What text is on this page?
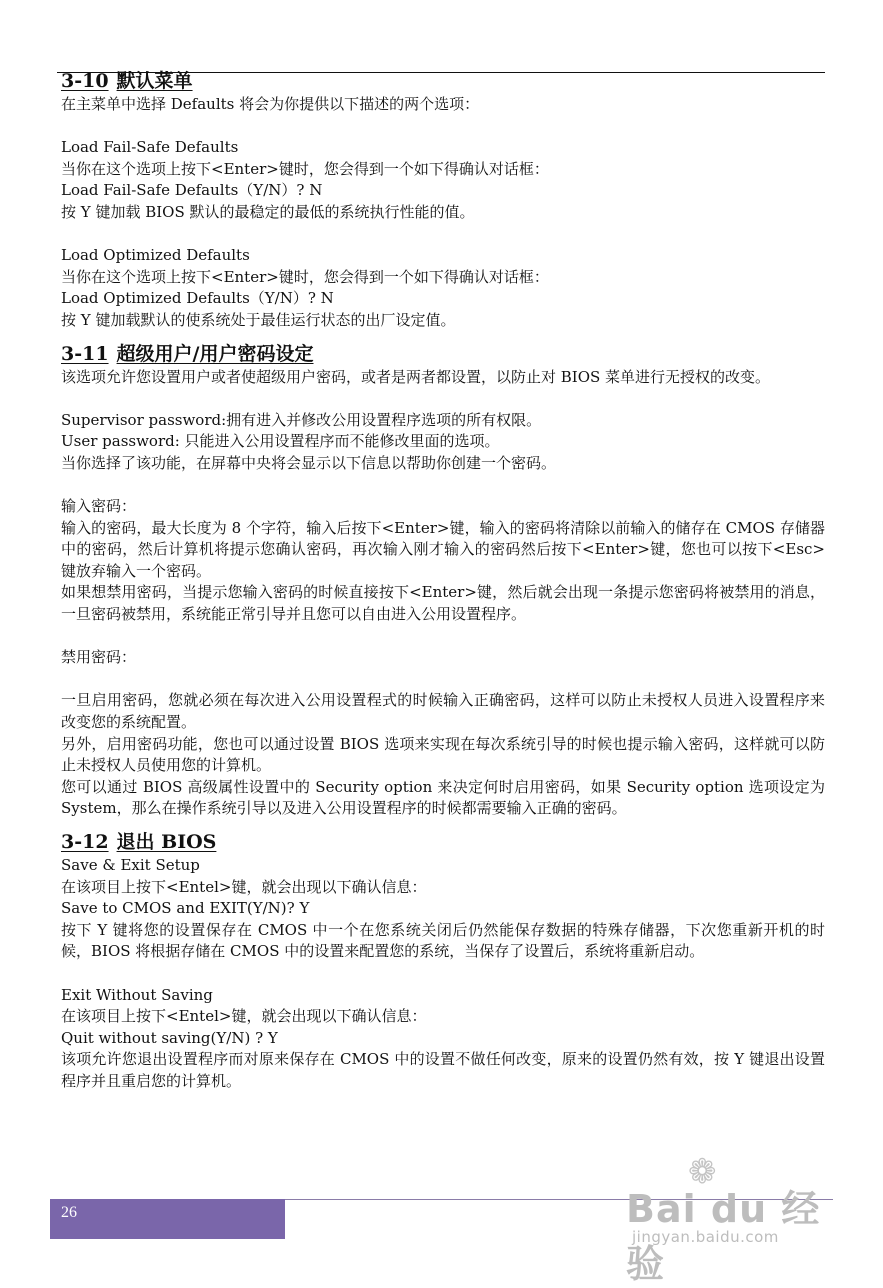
3-10 默认菜单

在主菜单中选择 Defaults 将会为你提供以下描述的两个选项：

Load Fail-Safe Defaults

当你在这个选项上按下<Enter>键时，您会得到一个如下得确认对话框：

Load Fail-Safe Defaults（Y/N）? N

按 Y 键加载 BIOS 默认的最稳定的最低的系统执行性能的值。

Load Optimized Defaults

当你在这个选项上按下<Enter>键时，您会得到一个如下得确认对话框：

Load Optimized Defaults（Y/N）? N

按 Y 键加载默认的使系统处于最佳运行状态的出厂设定值。

3-11 超级用户/用户密码设定

该选项允许您设置用户或者使超级用户密码，或者是两者都设置，以防止对 BIOS 菜单进行无授权的改变。

Supervisor password:拥有进入并修改公用设置程序选项的所有权限。

User password: 只能进入公用设置程序而不能修改里面的选项。

当你选择了该功能，在屏幕中央将会显示以下信息以帮助你创建一个密码。

输入密码：

输入的密码，最大长度为 8 个字符，输入后按下<Enter>键，输入的密码将清除以前输入的储存在 CMOS 存储器中的密码，然后计算机将提示您确认密码，再次输入刚才输入的密码然后按下<Enter>键，您也可以按下<Esc>键放弃输入一个密码。

如果想禁用密码，当提示您输入密码的时候直接按下<Enter>键，然后就会出现一条提示您密码将被禁用的消息，一旦密码被禁用，系统能正常引导并且您可以自由进入公用设置程序。

禁用密码：

一旦启用密码，您就必须在每次进入公用设置程式的时候输入正确密码，这样可以防止未授权人员进入设置程序来改变您的系统配置。

另外，启用密码功能，您也可以通过设置 BIOS 选项来实现在每次系统引导的时候也提示输入密码，这样就可以防止未授权人员使用您的计算机。

您可以通过 BIOS 高级属性设置中的 Security option 来决定何时启用密码，如果 Security option 选项设定为 System，那么在操作系统引导以及进入公用设置程序的时候都需要输入正确的密码。

3-12 退出 BIOS

Save & Exit Setup

在该项目上按下<Entel>键，就会出现以下确认信息：

Save to CMOS and EXIT(Y/N)? Y

按下 Y 键将您的设置保存在 CMOS 中一个在您系统关闭后仍然能保存数据的特殊存储器，下次您重新开机的时候，BIOS 将根据存储在 CMOS 中的设置来配置您的系统，当保存了设置后，系统将重新启动。

Exit Without Saving

在该项目上按下<Entel>键，就会出现以下确认信息：

Quit without saving(Y/N) ? Y

该项允许您退出设置程序而对原来保存在 CMOS 中的设置不做任何改变，原来的设置仍然有效，按 Y 键退出设置程序并且重启您的计算机。

26
❁
Bai du 经验
jingyan.baidu.com
